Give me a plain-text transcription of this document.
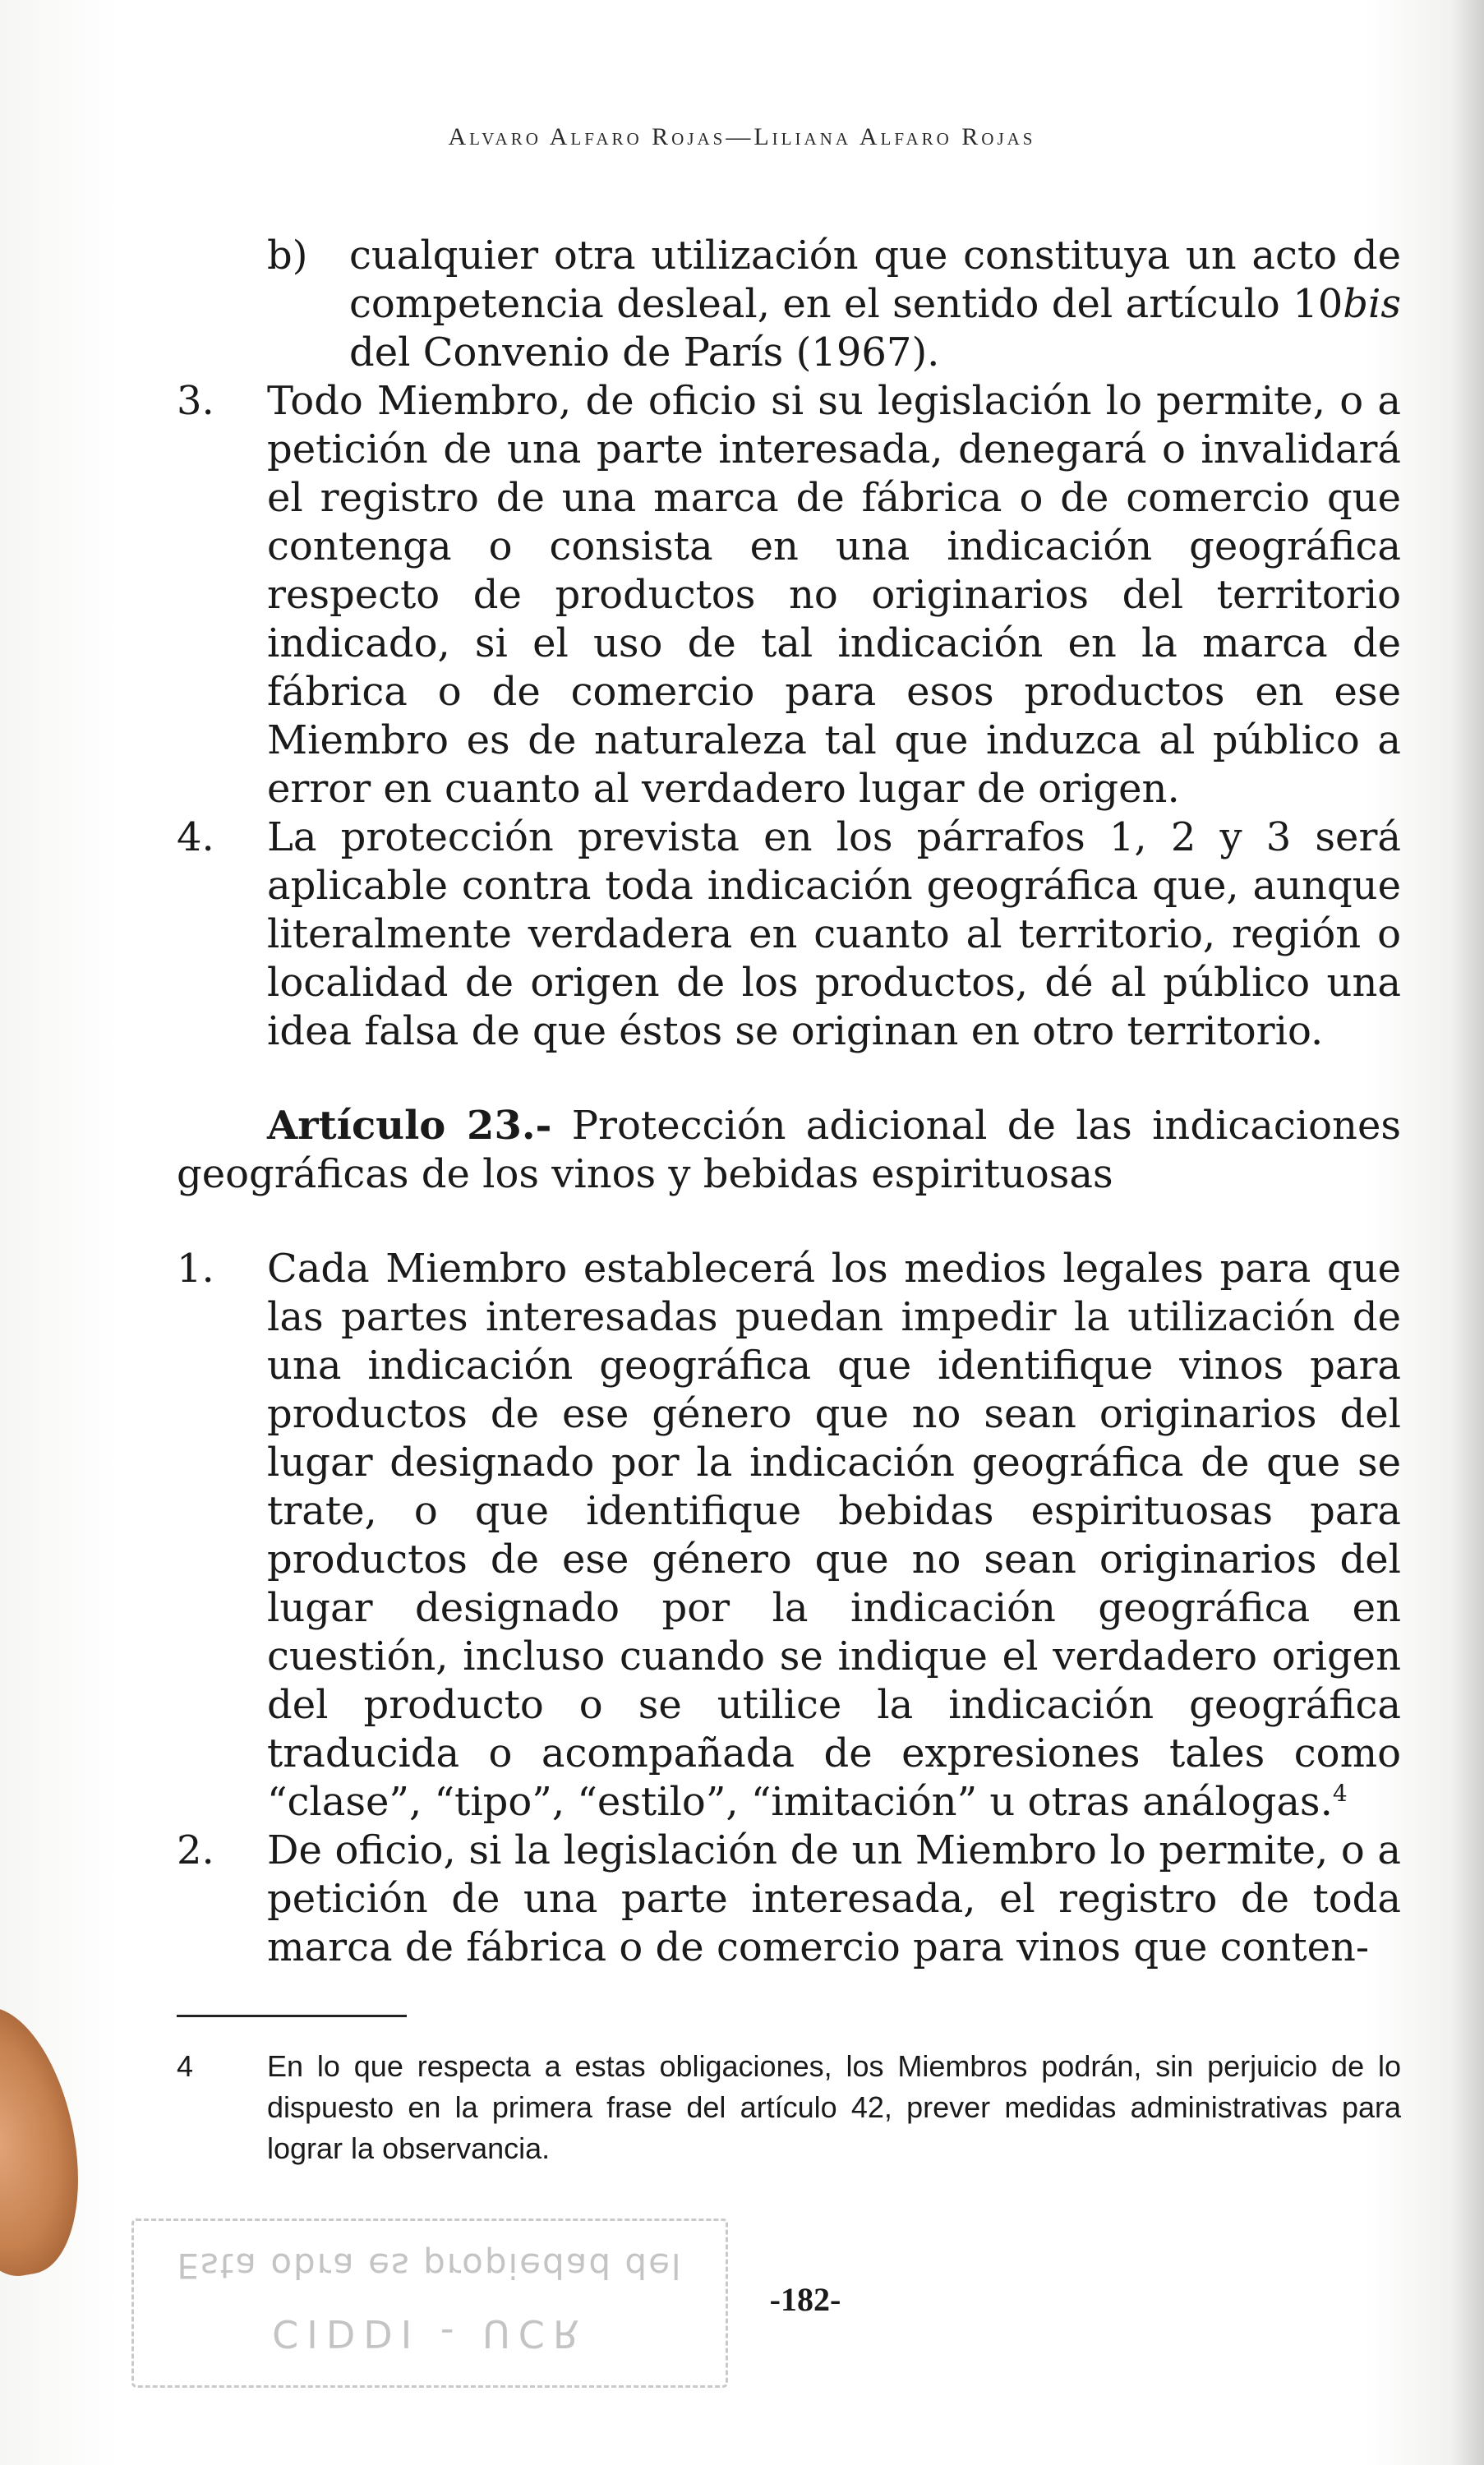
Alvaro Alfaro Rojas—Liliana Alfaro Rojas
b)	cualquier otra utilización que constituya un acto de competencia desleal, en el sentido del artículo 10bis del Convenio de París (1967).
3.	Todo Miembro, de oficio si su legislación lo permite, o a petición de una parte interesada, denegará o invalidará el registro de una marca de fábrica o de comercio que contenga o consista en una indicación geográfica respecto de productos no originarios del territorio indicado, si el uso de tal indicación en la marca de fábrica o de comercio para esos productos en ese Miembro es de naturaleza tal que induzca al público a error en cuanto al verdadero lugar de origen.
4.	La protección prevista en los párrafos 1, 2 y 3 será aplicable contra toda indicación geográfica que, aunque literalmente verdadera en cuanto al territorio, región o localidad de origen de los productos, dé al público una idea falsa de que éstos se originan en otro territorio.
Artículo 23.- Protección adicional de las indicaciones geográficas de los vinos y bebidas espirituosas
1.	Cada Miembro establecerá los medios legales para que las partes interesadas puedan impedir la utilización de una indicación geográfica que identifique vinos para productos de ese género que no sean originarios del lugar designado por la indicación geográfica de que se trate, o que identifique bebidas espirituosas para productos de ese género que no sean originarios del lugar designado por la indicación geográfica en cuestión, incluso cuando se indique el verdadero origen del producto o se utilice la indicación geográfica traducida o acompañada de expresiones tales como “clase”, “tipo”, “estilo”, “imitación” u otras análogas.$^4$
2.	De oficio, si la legislación de un Miembro lo permite, o a petición de una parte interesada, el registro de toda marca de fábrica o de comercio para vinos que conten-
4	En lo que respecta a estas obligaciones, los Miembros podrán, sin perjuicio de lo dispuesto en la primera frase del artículo 42, prever medidas administrativas para lograr la observancia.
Esta obra es propiedad del
CIDDI - UCR
-182-
